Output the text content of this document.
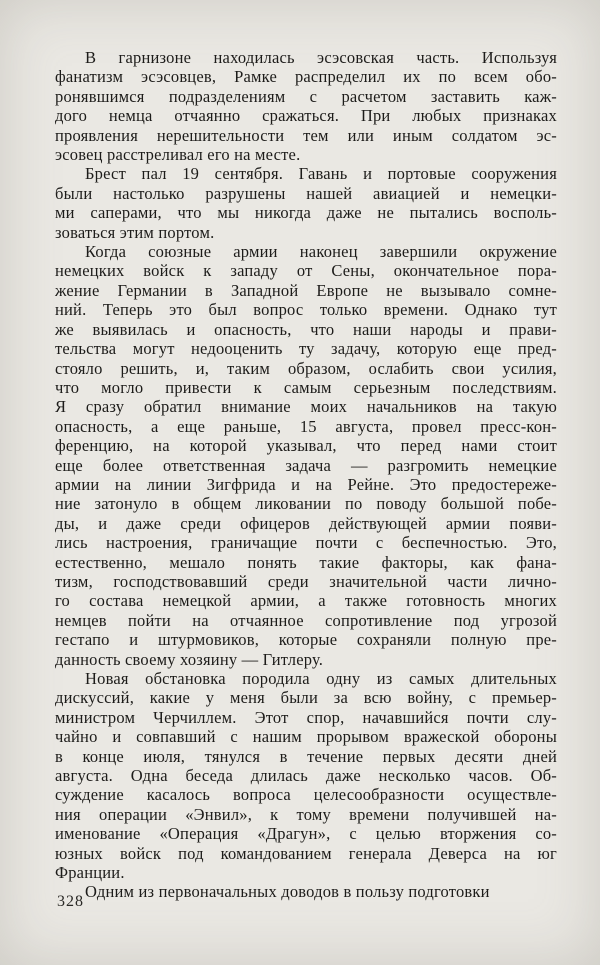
В гарнизоне находилась эсэсовская часть. Используя
фанатизм эсэсовцев, Рамке распределил их по всем обо-
ронявшимся подразделениям с расчетом заставить каж-
дого немца отчаянно сражаться. При любых признаках
проявления нерешительности тем или иным солдатом эс-
эсовец расстреливал его на месте.
Брест пал 19 сентября. Гавань и портовые сооружения
были настолько разрушены нашей авиацией и немецки-
ми саперами, что мы никогда даже не пытались восполь-
зоваться этим портом.
Когда союзные армии наконец завершили окружение
немецких войск к западу от Сены, окончательное пора-
жение Германии в Западной Европе не вызывало сомне-
ний. Теперь это был вопрос только времени. Однако тут
же выявилась и опасность, что наши народы и прави-
тельства могут недооценить ту задачу, которую еще пред-
стояло решить, и, таким образом, ослабить свои усилия,
что могло привести к самым серьезным последствиям.
Я сразу обратил внимание моих начальников на такую
опасность, а еще раньше, 15 августа, провел пресс-кон-
ференцию, на которой указывал, что перед нами стоит
еще более ответственная задача — разгромить немецкие
армии на линии Зигфрида и на Рейне. Это предостереже-
ние затонуло в общем ликовании по поводу большой побе-
ды, и даже среди офицеров действующей армии появи-
лись настроения, граничащие почти с беспечностью. Это,
естественно, мешало понять такие факторы, как фана-
тизм, господствовавший среди значительной части лично-
го состава немецкой армии, а также готовность многих
немцев пойти на отчаянное сопротивление под угрозой
гестапо и штурмовиков, которые сохраняли полную пре-
данность своему хозяину — Гитлеру.
Новая обстановка породила одну из самых длительных
дискуссий, какие у меня были за всю войну, с премьер-
министром Черчиллем. Этот спор, начавшийся почти слу-
чайно и совпавший с нашим прорывом вражеской обороны
в конце июля, тянулся в течение первых десяти дней
августа. Одна беседа длилась даже несколько часов. Об-
суждение касалось вопроса целесообразности осуществле-
ния операции «Энвил», к тому времени получившей на-
именование «Операция «Драгун», с целью вторжения со-
юзных войск под командованием генерала Деверса на юг
Франции.
Одним из первоначальных доводов в пользу подготовки
328
